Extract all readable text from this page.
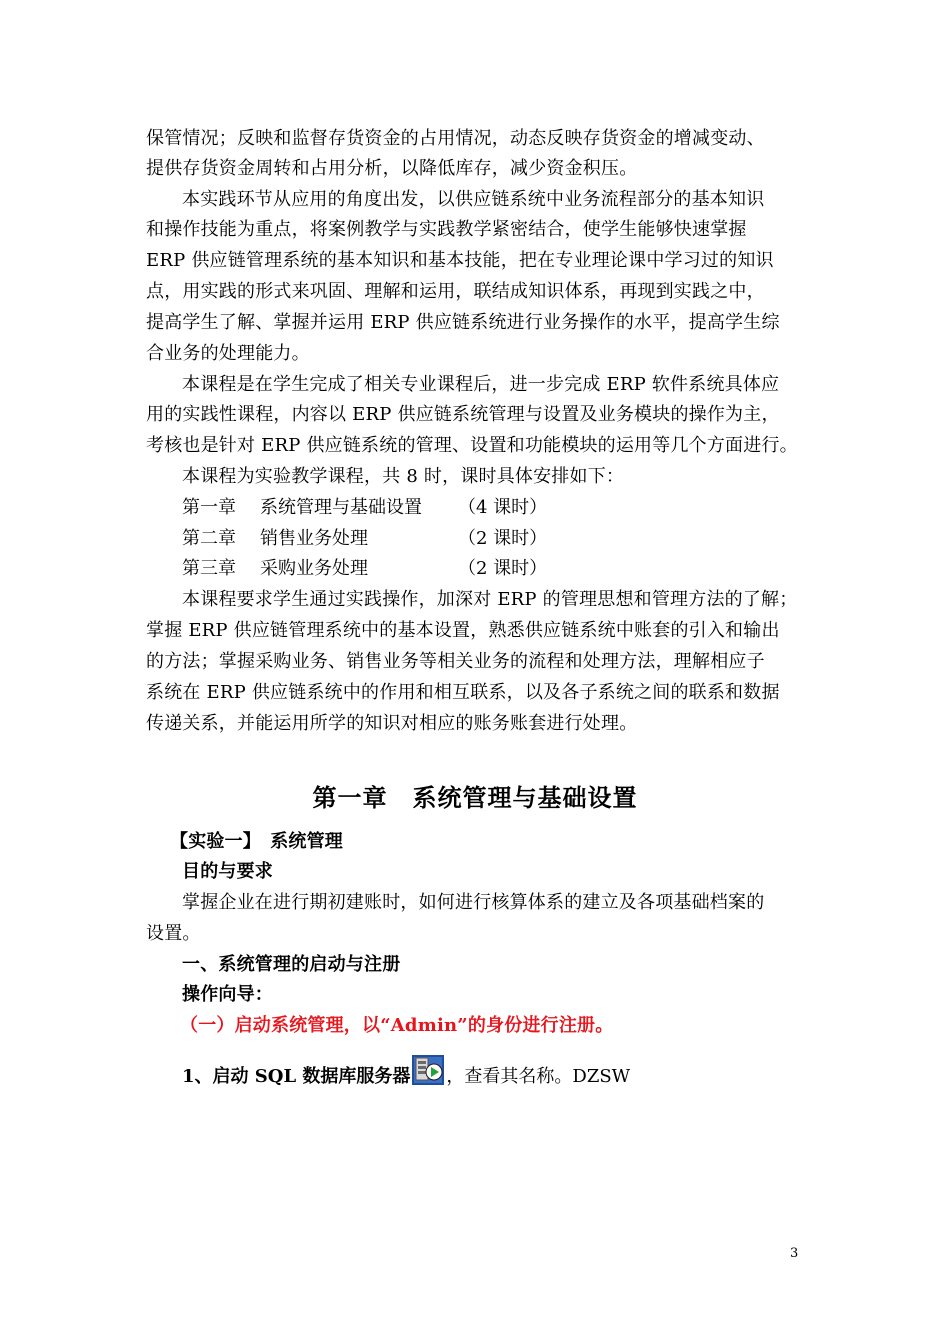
保管情况；反映和监督存货资金的占用情况，动态反映存货资金的增减变动、
提供存货资金周转和占用分析，以降低库存，减少资金积压。
本实践环节从应用的角度出发，以供应链系统中业务流程部分的基本知识
和操作技能为重点，将案例教学与实践教学紧密结合，使学生能够快速掌握
ERP 供应链管理系统的基本知识和基本技能，把在专业理论课中学习过的知识
点，用实践的形式来巩固、理解和运用，联结成知识体系，再现到实践之中，
提高学生了解、掌握并运用 ERP 供应链系统进行业务操作的水平，提高学生综
合业务的处理能力。
本课程是在学生完成了相关专业课程后，进一步完成 ERP 软件系统具体应
用的实践性课程，内容以 ERP 供应链系统管理与设置及业务模块的操作为主，
考核也是针对 ERP 供应链系统的管理、设置和功能模块的运用等几个方面进行。
本课程为实验教学课程，共 8 时，课时具体安排如下：
第一章 系统管理与基础设置 （4 课时）
第二章 销售业务处理	（2 课时）
第三章 采购业务处理	（2 课时）
本课程要求学生通过实践操作，加深对 ERP 的管理思想和管理方法的了解；
掌握 ERP 供应链管理系统中的基本设置，熟悉供应链系统中账套的引入和输出
的方法；掌握采购业务、销售业务等相关业务的流程和处理方法，理解相应子
系统在 ERP 供应链系统中的作用和相互联系，以及各子系统之间的联系和数据
传递关系，并能运用所学的知识对相应的账务账套进行处理。
第一章　系统管理与基础设置
【实验一】　系统管理
目的与要求
掌握企业在进行期初建账时，如何进行核算体系的建立及各项基础档案的
设置。
一、系统管理的启动与注册
操作向导：
（一）启动系统管理，以“Admin”的身份进行注册。
1、启动 SQL 数据库服务器 ，查看其名称。DZSW
3
